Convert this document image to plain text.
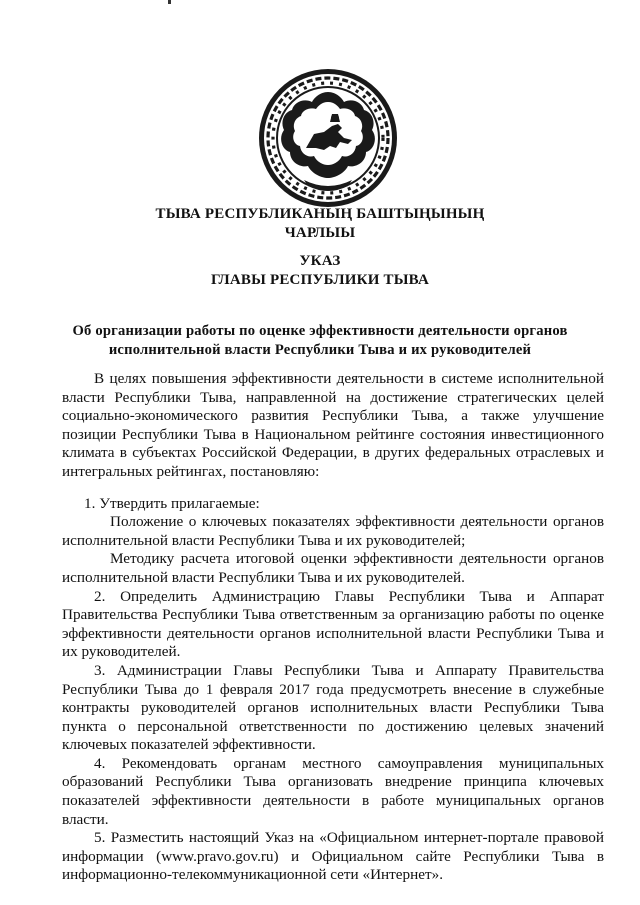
ТЫВА РЕСПУБЛИКАНЫҢ БАШТЫҢЫНЫҢ
ЧАРЛЫЫ
УКАЗ
ГЛАВЫ РЕСПУБЛИКИ ТЫВА
Об организации работы по оценке эффективности деятельности органов
исполнительной власти Республики Тыва и их руководителей

В целях повышения эффективности деятельности в системе исполнительной власти Республики Тыва, направленной на достижение стратегических целей социально-экономического развития Республики Тыва, а также улучшение позиции Республики Тыва в Национальном рейтинге состояния инвестиционного климата в субъектах Российской Федерации, в других федеральных отраслевых и интегральных рейтингах, постановляю:

1. Утвердить прилагаемые:

Положение о ключевых показателях эффективности деятельности органов исполнительной власти Республики Тыва и их руководителей;

Методику расчета итоговой оценки эффективности деятельности органов исполнительной власти Республики Тыва и их руководителей.

2. Определить Администрацию Главы Республики Тыва и Аппарат Правительства Республики Тыва ответственным за организацию работы по оценке эффективности деятельности органов исполнительной власти Республики Тыва и их руководителей.

3. Администрации Главы Республики Тыва и Аппарату Правительства Республики Тыва до 1 февраля 2017 года предусмотреть внесение в служебные контракты руководителей органов исполнительных власти Республики Тыва пункта о персональной ответственности по достижению целевых значений ключевых показателей эффективности.

4. Рекомендовать органам местного самоуправления муниципальных образований Республики Тыва организовать внедрение принципа ключевых показателей эффективности деятельности в работе муниципальных органов власти.

5. Разместить настоящий Указ на «Официальном интернет-портале правовой информации (www.pravo.gov.ru) и Официальном сайте Республики Тыва в информационно-телекоммуникационной сети «Интернет».
